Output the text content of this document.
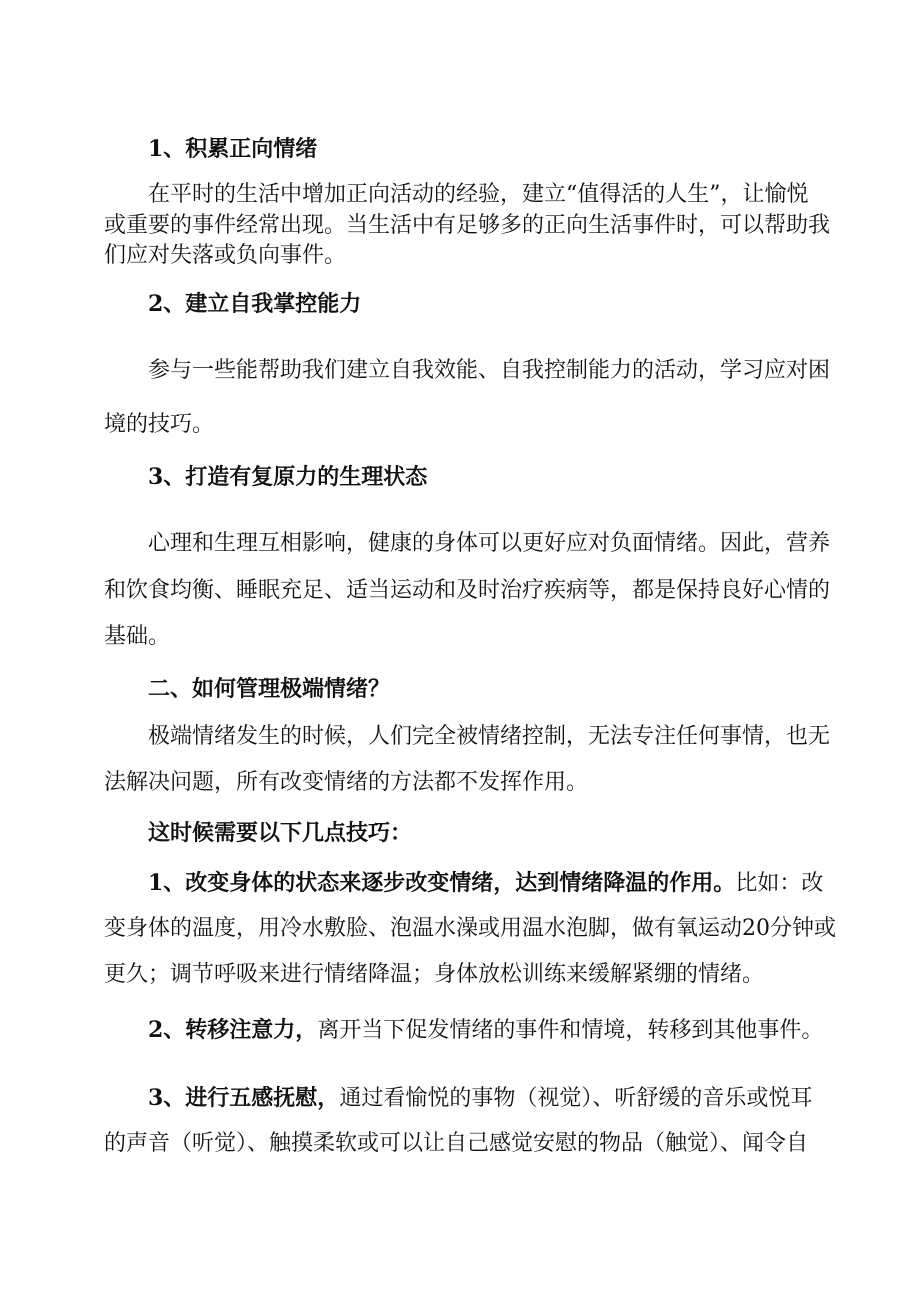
1、积累正向情绪
在平时的生活中增加正向活动的经验，建立“值得活的人生”，让愉悦
或重要的事件经常出现。当生活中有足够多的正向生活事件时，可以帮助我
们应对失落或负向事件。
2、建立自我掌控能力
参与一些能帮助我们建立自我效能、自我控制能力的活动，学习应对困
境的技巧。
3、打造有复原力的生理状态
心理和生理互相影响，健康的身体可以更好应对负面情绪。因此，营养
和饮食均衡、睡眠充足、适当运动和及时治疗疾病等，都是保持良好心情的
基础。
二、如何管理极端情绪？
极端情绪发生的时候，人们完全被情绪控制，无法专注任何事情，也无
法解决问题，所有改变情绪的方法都不发挥作用。
这时候需要以下几点技巧：
1、改变身体的状态来逐步改变情绪，达到情绪降温的作用。比如：改
变身体的温度，用冷水敷脸、泡温水澡或用温水泡脚，做有氧运动20分钟或
更久；调节呼吸来进行情绪降温；身体放松训练来缓解紧绷的情绪。
2、转移注意力，离开当下促发情绪的事件和情境，转移到其他事件。
3、进行五感抚慰，通过看愉悦的事物（视觉）、听舒缓的音乐或悦耳
的声音（听觉）、触摸柔软或可以让自己感觉安慰的物品（触觉）、闻令自
